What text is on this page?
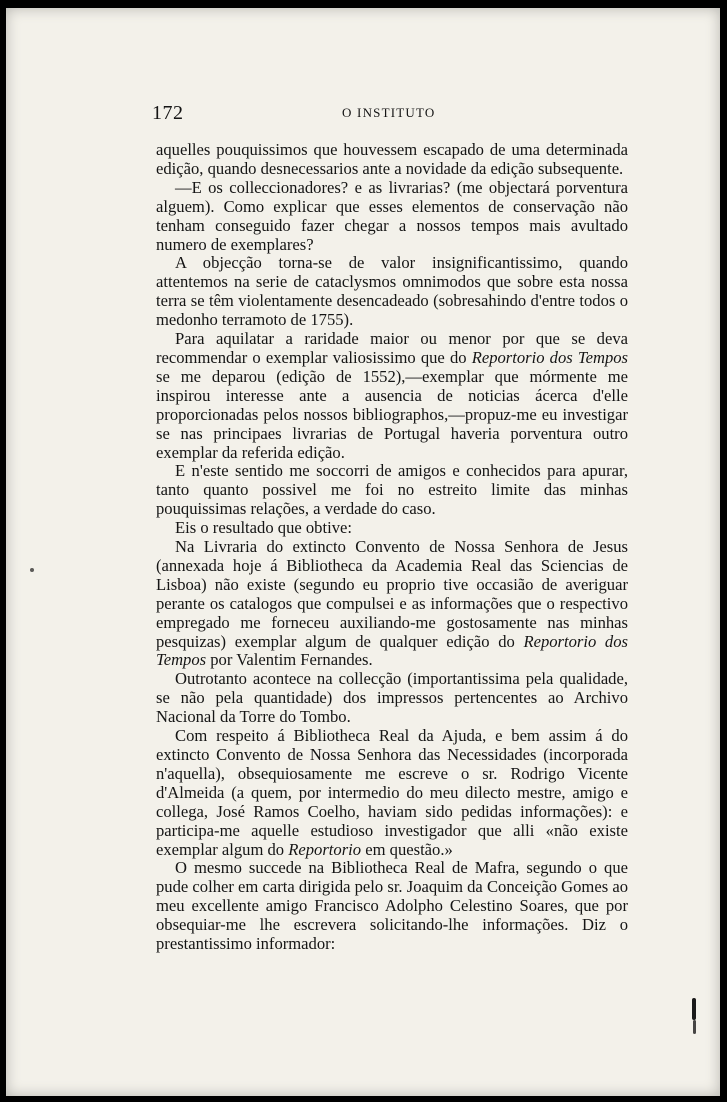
172	O INSTITUTO

aquelles pouquissimos que houvessem escapado de uma determinada edição, quando desnecessarios ante a novidade da edição subsequente.

—E os colleccionadores? e as livrarias? (me objectará porventura alguem). Como explicar que esses elementos de conservação não tenham conseguido fazer chegar a nossos tempos mais avultado numero de exemplares?

A objecção torna-se de valor insignificantissimo, quando attentemos na serie de cataclysmos omnimodos que sobre esta nossa terra se têm violentamente desencadeado (sobresahindo d'entre todos o medonho terramoto de 1755).

Para aquilatar a raridade maior ou menor por que se deva recommendar o exemplar valiosissimo que do Reportorio dos Tempos se me deparou (edição de 1552),—exemplar que mórmente me inspirou interesse ante a ausencia de noticias ácerca d'elle proporcionadas pelos nossos bibliographos,—propuz-me eu investigar se nas principaes livrarias de Portugal haveria porventura outro exemplar da referida edição.

E n'este sentido me soccorri de amigos e conhecidos para apurar, tanto quanto possivel me foi no estreito limite das minhas pouquissimas relações, a verdade do caso.

Eis o resultado que obtive:

Na Livraria do extincto Convento de Nossa Senhora de Jesus (annexada hoje á Bibliotheca da Academia Real das Sciencias de Lisboa) não existe (segundo eu proprio tive occasião de averiguar perante os catalogos que compulsei e as informações que o respectivo empregado me forneceu auxiliando-me gostosamente nas minhas pesquizas) exemplar algum de qualquer edição do Reportorio dos Tempos por Valentim Fernandes.

Outrotanto acontece na collecção (importantissima pela qualidade, se não pela quantidade) dos impressos pertencentes ao Archivo Nacional da Torre do Tombo.

Com respeito á Bibliotheca Real da Ajuda, e bem assim á do extincto Convento de Nossa Senhora das Necessidades (incorporada n'aquella), obsequiosamente me escreve o sr. Rodrigo Vicente d'Almeida (a quem, por intermedio do meu dilecto mestre, amigo e collega, José Ramos Coelho, haviam sido pedidas informações): e participa-me aquelle estudioso investigador que alli «não existe exemplar algum do Reportorio em questão.»

O mesmo succede na Bibliotheca Real de Mafra, segundo o que pude colher em carta dirigida pelo sr. Joaquim da Conceição Gomes ao meu excellente amigo Francisco Adolpho Celestino Soares, que por obsequiar-me lhe escrevera solicitando-lhe informações. Diz o prestantissimo informador:
